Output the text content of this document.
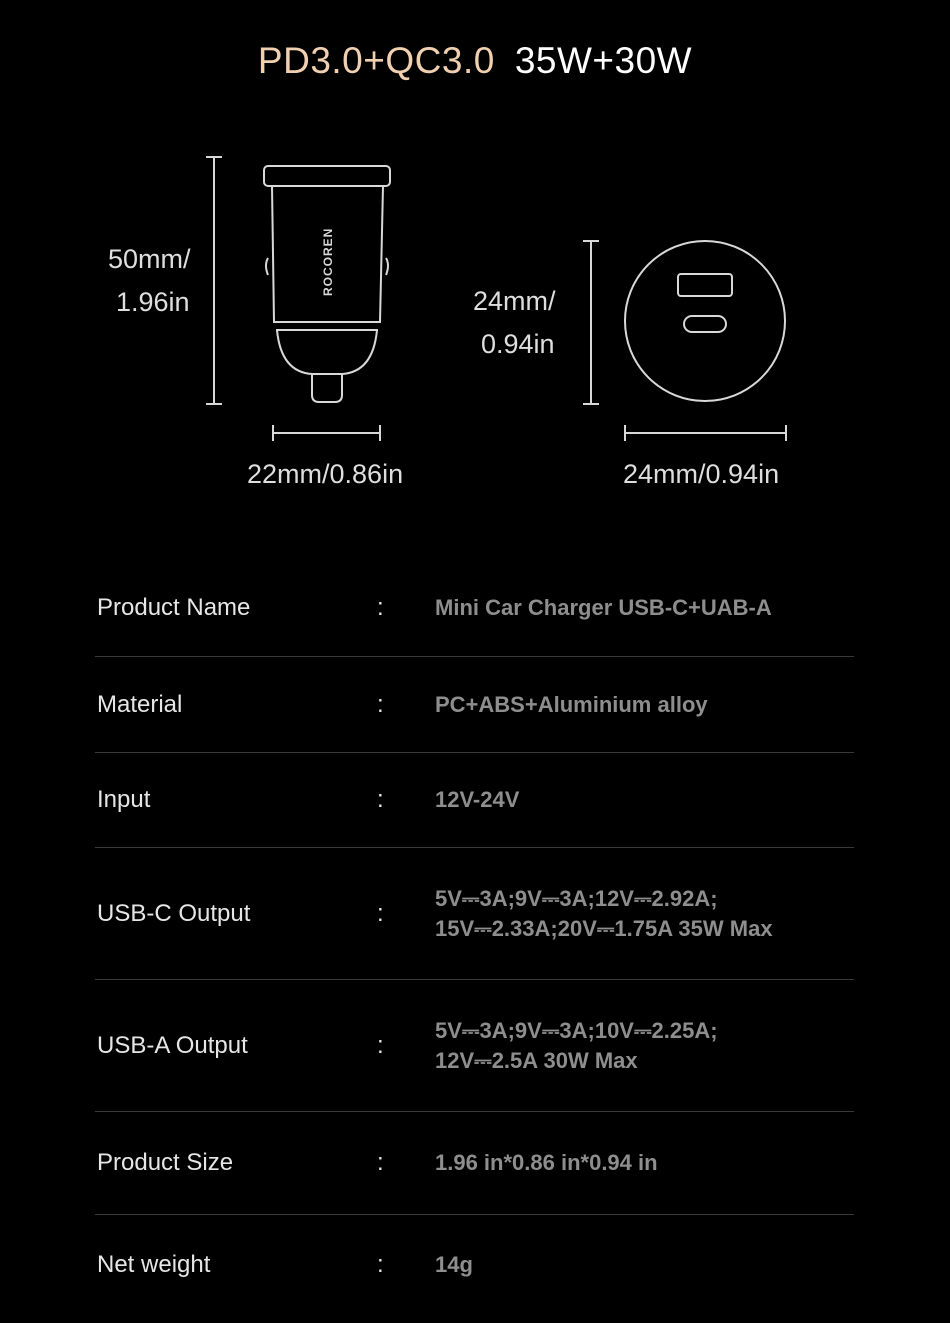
PD3.0+QC3.0 35W+30W
ROCOREN
50mm/
1.96in
22mm/0.86in
24mm/
0.94in
24mm/0.94in
Product Name	:	Mini Car Charger USB-C+UAB-A
Material	:	PC+ABS+Aluminium alloy
Input	:	12V-24V
USB-C Output	:
5V⎓3A;9V⎓3A;12V⎓2.92A;
15V⎓2.33A;20V⎓1.75A 35W Max
USB-A Output	:
5V⎓3A;9V⎓3A;10V⎓2.25A;
12V⎓2.5A 30W Max
Product Size	:	1.96 in*0.86 in*0.94 in
Net weight	:	14g
